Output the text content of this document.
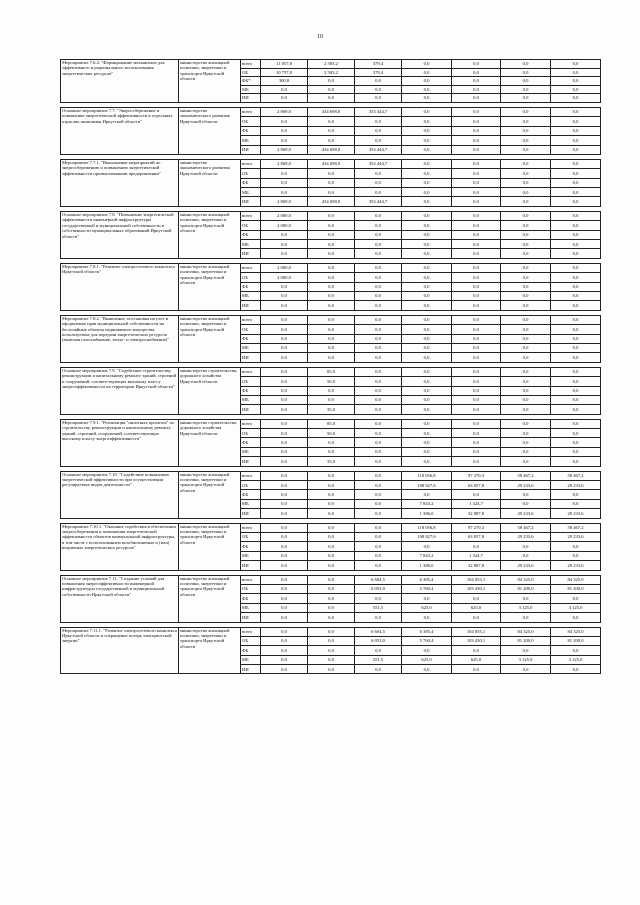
10
Мероприятие 7.6.4. "Формирование механизмов для эффективного и рационального использования энергетических ресурсов"	министерство жилищной политики, энергетики и транспорта Иркутской области	всего	11 057,8	2 583,2	379,4	0,0	0,0	0,0	0,0
		ОБ	10 757,0	2 583,2	379,4	0,0	0,0	0,0	0,0
		ФБ*	300,8	0,0	0,0	0,0	0,0	0,0	0,0
		МБ	0,0	0,0	0,0	0,0	0,0	0,0	0,0
		ИИ	0,0	0,0	0,0	0,0	0,0	0,0	0,0

Основное мероприятие 7.7. "Энергосбережение и повышение энергетической эффективности в отдельных отраслях экономики Иркутской области"	министерство экономического развития Иркутской области	всего	2 869,0	434 698,0	353 444,7	0,0	0,0	0,0	0,0
		ОБ	0,0	0,0	0,0	0,0	0,0	0,0	0,0
		ФБ	0,0	0,0	0,0	0,0	0,0	0,0	0,0
		МБ	0,0	0,0	0,0	0,0	0,0	0,0	0,0
		ИИ	2 869,0	434 698,0	353 444,7	0,0	0,0	0,0	0,0

Мероприятие 7.7.1. "Выполнение мероприятий по энергосбережению и повышению энергетической эффективности промышленными предприятиями"	министерство экономического развития Иркутской области	всего	2 869,0	434 698,0	353 444,7	0,0	0,0	0,0	0,0
		ОБ	0,0	0,0	0,0	0,0	0,0	0,0	0,0
		ФБ	0,0	0,0	0,0	0,0	0,0	0,0	0,0
		МБ	0,0	0,0	0,0	0,0	0,0	0,0	0,0
		ИИ	2 869,0	434 698,0	353 444,7	0,0	0,0	0,0	0,0

Основное мероприятие 7.8. "Повышение энергетической эффективности инженерной инфраструктуры государственной и муниципальной собственности в собственности муниципальных образований Иркутской области"	министерство жилищной политики, энергетики и транспорта Иркутской области	всего	2 000,0	0,0	0,0	0,0	0,0	0,0	0,0
		ОБ	2 000,0	0,0	0,0	0,0	0,0	0,0	0,0
		ФБ	0,0	0,0	0,0	0,0	0,0	0,0	0,0
		МБ	0,0	0,0	0,0	0,0	0,0	0,0	0,0
		ИИ	0,0	0,0	0,0	0,0	0,0	0,0	0,0

Мероприятие 7.8.1. "Развитие электросетевого комплекса Иркутской области"	министерство жилищной политики, энергетики и транспорта Иркутской области	всего	2 000,0	0,0	0,0	0,0	0,0	0,0	0,0
		ОБ	2 000,0	0,0	0,0	0,0	0,0	0,0	0,0
		ФБ	0,0	0,0	0,0	0,0	0,0	0,0	0,0
		МБ	0,0	0,0	0,0	0,0	0,0	0,0	0,0
		ИИ	0,0	0,0	0,0	0,0	0,0	0,0	0,0

Мероприятие 7.8.2. "Выявление, постановка на учет и оформление прав муниципальной собственности на бесхозяйные объекты недвижимого имущества, используемые для передачи энергетических ресурсов (включая газоснабжение, тепло- и электроснабжение)"	министерство жилищной политики, энергетики и транспорта Иркутской области	всего	0,0	0,0	0,0	0,0	0,0	0,0	0,0
		ОБ	0,0	0,0	0,0	0,0	0,0	0,0	0,0
		ФБ	0,0	0,0	0,0	0,0	0,0	0,0	0,0
		МБ	0,0	0,0	0,0	0,0	0,0	0,0	0,0
		ИИ	0,0	0,0	0,0	0,0	0,0	0,0	0,0

Основное мероприятие 7.9. "Содействие строительству, реконструкции и капитальному ремонту зданий, строений и сооружений, соответствующих высокому классу энергоэффективности на территории Иркутской области"	министерство строительства, дорожного хозяйства Иркутской области	всего	0,0	85,0	0,0	0,0	0,0	0,0	0,0
		ОБ	0,0	50,0	0,0	0,0	0,0	0,0	0,0
		ФБ	0,0	0,0	0,0	0,0	0,0	0,0	0,0
		МБ	0,0	0,0	0,0	0,0	0,0	0,0	0,0
		ИИ	0,0	35,0	0,0	0,0	0,0	0,0	0,0

Мероприятие 7.9.1. "Реализация "пилотных проектов" по строительству, реконструкции и капитальному ремонту зданий, строений, сооружений, соответствующих высокому классу энергоэффективности"	министерство строительства, дорожного хозяйства Иркутской области	всего	0,0	85,0	0,0	0,0	0,0	0,0	0,0
		ОБ	0,0	50,0	0,0	0,0	0,0	0,0	0,0
		ФБ	0,0	0,0	0,0	0,0	0,0	0,0	0,0
		МБ	0,0	0,0	0,0	0,0	0,0	0,0	0,0
		ИИ	0,0	35,0	0,0	0,0	0,0	0,0	0,0

Основное мероприятие 7.10. "Содействие повышению энергетической эффективности при осуществлении регулируемых видов деятельности"	министерство жилищной политики, энергетики и транспорта Иркутской области	всего	0,0	0,0	0,0	118 056,8	97 270,3	58 467,2	58 467,2
		ОБ	0,0	0,0	0,0	108 827,6	63 057,8	29 233,6	29 233,6
		ФБ	0,0	0,0	0,0	0,0	0,0	0,0	0,0
		МБ	0,0	0,0	0,0	7 843,2	1 324,7	0,0	0,0
		ИИ	0,0	0,0	0,0	1 386,0	32 887,8	29 233,6	29 233,6

Мероприятие 7.10.1. "Оказание содействия в обеспечении энергосбережения и повышения энергетической эффективности объектов коммунальной инфраструктуры, в том числе с использованием возобновляемых и (или) вторичных энергетических ресурсов"	министерство жилищной политики, энергетики и транспорта Иркутской области	всего	0,0	0,0	0,0	118 056,8	97 270,3	58 467,2	58 467,2
		ОБ	0,0	0,0	0,0	108 827,6	63 057,8	29 233,6	29 233,6
		ФБ	0,0	0,0	0,0	0,0	0,0	0,0	0,0
		МБ	0,0	0,0	0,0	7 843,2	1 324,7	0,0	0,0
		ИИ	0,0	0,0	0,0	1 386,0	32 887,8	29 233,6	29 233,6

Основное мероприятие 7.11. "Создание условий для повышения энергоэффективности инженерной инфраструктуры государственной и муниципальной собственности Иркутской области"	министерство жилищной политики, энергетики и транспорта Иркутской области	всего	0,0	0,0	6 604,5	6 385,4	104 055,1	84 325,0	84 325,0
		ОБ	0,0	0,0	6 053,0	5 760,4	103 430,1	81 200,0	81 200,0
		ФБ	0,0	0,0	0,0	0,0	0,0	0,0	0,0
		МБ	0,0	0,0	551,5	625,0	625,0	3 125,0	3 125,0
		ИИ	0,0	0,0	0,0	0,0	0,0	0,0	0,0

Мероприятие 7.11.1. "Развитие электросетевого комплекса Иркутской области и сокращение потерь электрической энергии"	министерство жилищной политики, энергетики и транспорта Иркутской области	всего	0,0	0,0	6 604,5	6 385,4	104 055,1	84 325,0	84 325,0
		ОБ	0,0	0,0	6 053,0	5 760,4	103 430,1	81 200,0	81 200,0
		ФБ	0,0	0,0	0,0	0,0	0,0	0,0	0,0
		МБ	0,0	0,0	551,5	625,0	625,0	3 125,0	3 125,0
		ИИ	0,0	0,0	0,0	0,0	0,0	0,0	0,0
